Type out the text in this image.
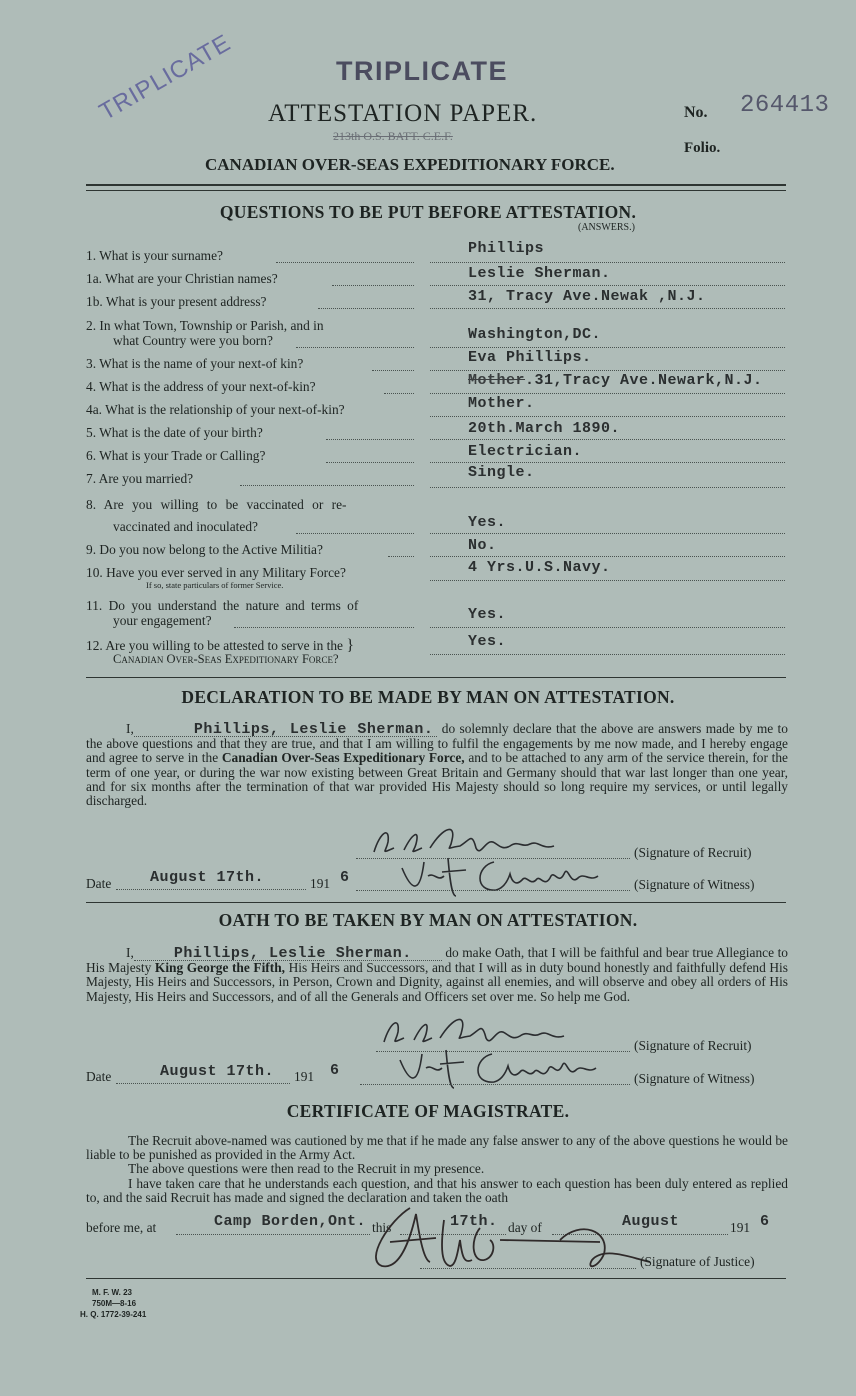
TRIPLICATE	TRIPLICATE
ATTESTATION PAPER.	No. 264413
213th O.S. BATT. C.E.F.
Folio.
CANADIAN OVER-SEAS EXPEDITIONARY FORCE.
QUESTIONS TO BE PUT BEFORE ATTESTATION.
(ANSWERS.)
1. What is your surname?	Phillips
1a. What are your Christian names?	Leslie Sherman.
1b. What is your present address?	31, Tracy Ave.Newak ,N.J.
2. In what Town, Township or Parish, and in
what Country were you born?	Washington,DC.
3. What is the name of your next-of kin?	Eva Phillips.
4. What is the address of your next-of-kin?	Mother.31,Tracy Ave.Newark,N.J.
4a. What is the relationship of your next-of-kin?	Mother.
5. What is the date of your birth?	20th.March 1890.
6. What is your Trade or Calling?	Electrician.
7. Are you married?	Single.
8. Are you willing to be vaccinated or re-
vaccinated and inoculated?	Yes.
9. Do you now belong to the Active Militia?	No.
10. Have you ever served in any Military Force?
If so, state particulars of former Service.
4 Yrs.U.S.Navy.
11. Do you understand the nature and terms of
your engagement?	Yes.
12. Are you willing to be attested to serve in the }
Canadian Over-Seas Expeditionary Force?
Yes.
DECLARATION TO BE MADE BY MAN ON ATTESTATION.
I,	Phillips, Leslie Sherman. do solemnly declare that the above are answers made by me to the above questions and that they are true, and that I am willing to fulfil the engagements by me now made, and I hereby engage and agree to serve in the Canadian Over-Seas Expeditionary Force, and to be attached to any arm of the service therein, for the term of one year, or during the war now existing between Great Britain and Germany should that war last longer than one year, and for six months after the termination of that war provided His Majesty should so long require my services, or until legally discharged.
(Signature of Recruit)
Date	August 17th.	191 6	(Signature of Witness)
OATH TO BE TAKEN BY MAN ON ATTESTATION.
I,	Phillips, Leslie Sherman.	do make Oath, that I will be faithful and bear true Allegiance to His Majesty King George the Fifth, His Heirs and Successors, and that I will as in duty bound honestly and faithfully defend His Majesty, His Heirs and Successors, in Person, Crown and Dignity, against all enemies, and will observe and obey all orders of His Majesty, His Heirs and Successors, and of all the Generals and Officers set over me. So help me God.
(Signature of Recruit)
Date	August 17th. 191 6	(Signature of Witness)
CERTIFICATE OF MAGISTRATE.
The Recruit above-named was cautioned by me that if he made any false answer to any of the above questions he would be liable to be punished as provided in the Army Act.
The above questions were then read to the Recruit in my presence.
I have taken care that he understands each question, and that his answer to each question has been duly entered as replied to, and the said Recruit has made and signed the declaration and taken the oath
before me, at	Camp Borden,Ont. this	17th. day of	August	191 6
(Signature of Justice)
M. F. W. 23
750M—8-16
H. Q. 1772-39-241
